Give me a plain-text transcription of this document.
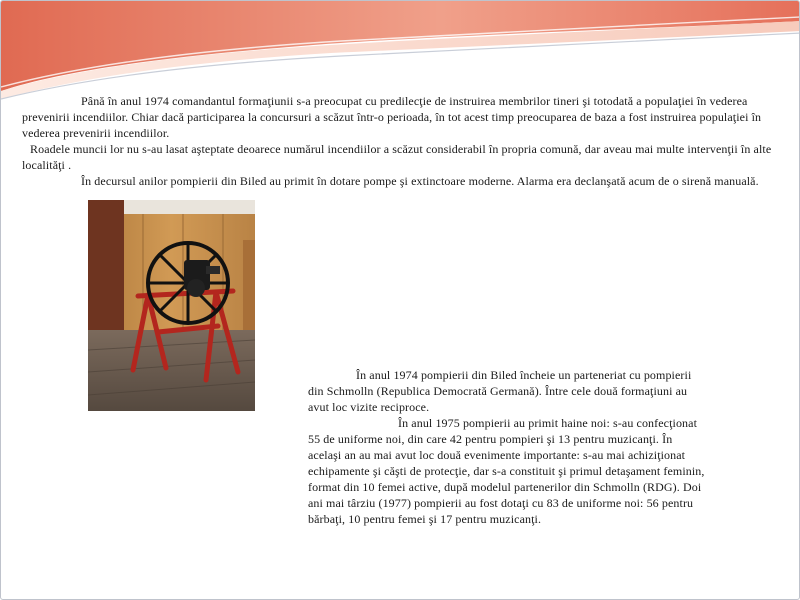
Până în anul 1974 comandantul formaţiunii s-a preocupat cu predilecţie de instruirea membrilor tineri şi totodată a populaţiei în vederea prevenirii incendiilor. Chiar dacă participarea la concursuri a scăzut într-o perioada, în tot acest timp preocuparea de baza a fost instruirea populaţiei în vederea prevenirii incendiilor.

Roadele muncii lor nu s-au lasat aşteptate deoarece numărul incendiilor a scăzut considerabil în propria comună, dar aveau mai multe intervenţii în alte localităţi .

În decursul anilor pompierii din Biled au primit în dotare pompe şi extinctoare moderne. Alarma era declanşată acum de o sirenă manuală.

În anul 1974 pompierii din Biled încheie un parteneriat cu pompierii din Schmolln (Republica Democrată Germană). Între cele două formaţiuni au avut loc vizite reciproce.

În anul 1975 pompierii au primit haine noi: s-au confecţionat 55 de uniforme noi, din care 42 pentru pompieri şi 13 pentru muzicanţi. În acelaşi an au mai avut loc două evenimente importante: s-au mai achiziţionat echipamente şi căşti de protecţie, dar s-a constituit şi primul detaşament feminin, format din 10 femei active, după modelul partenerilor din Schmolln (RDG). Doi ani mai târziu (1977) pompierii au fost dotaţi cu 83 de uniforme noi: 56 pentru bărbaţi, 10 pentru femei şi 17 pentru muzicanţi.
